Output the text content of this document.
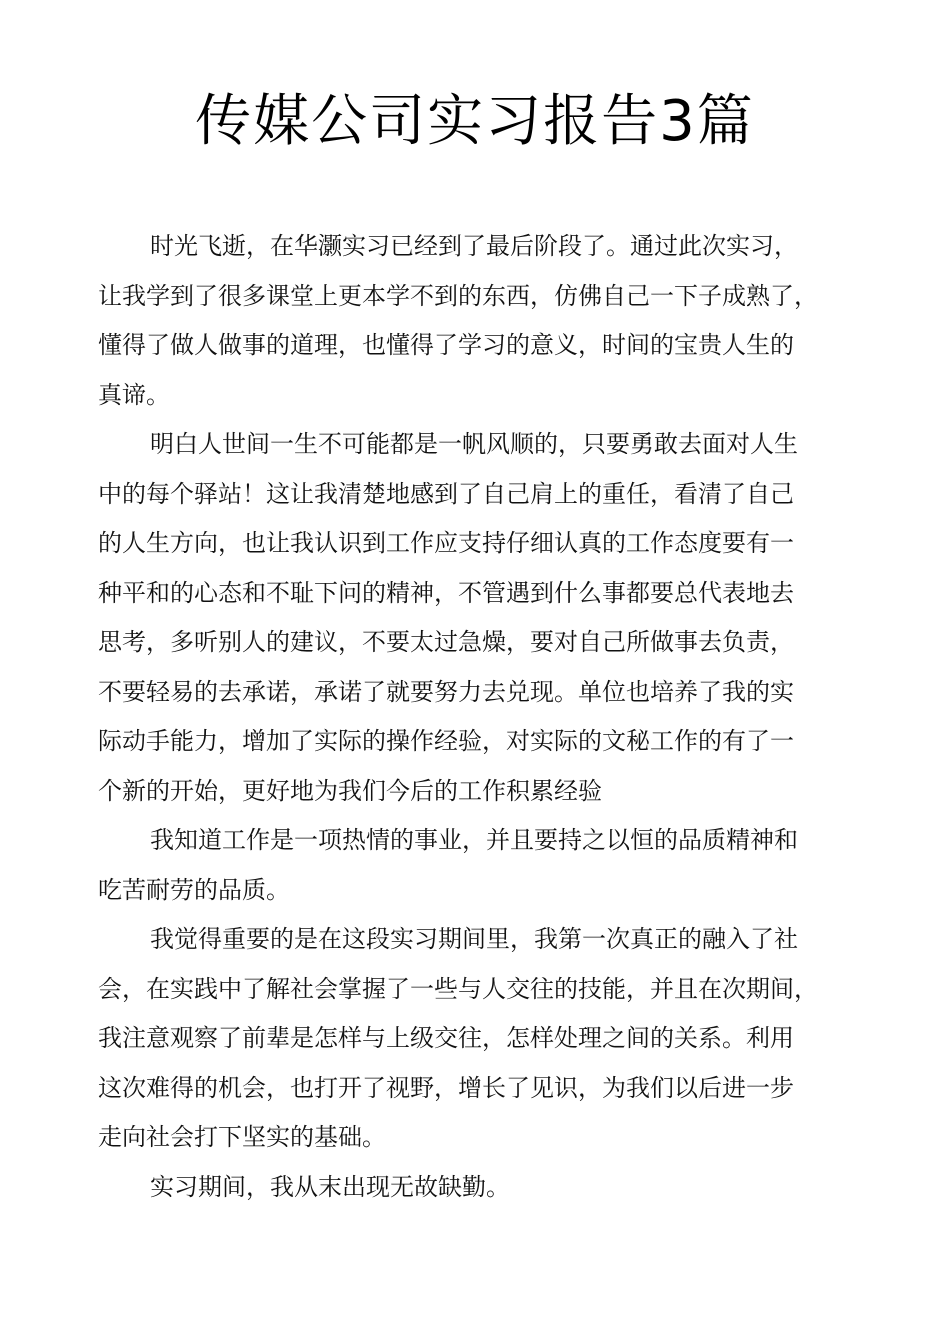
传媒公司实习报告3篇
时光飞逝，在华灏实习已经到了最后阶段了。通过此次实习，
让我学到了很多课堂上更本学不到的东西，仿佛自己一下子成熟了，
懂得了做人做事的道理，也懂得了学习的意义，时间的宝贵人生的
真谛。
明白人世间一生不可能都是一帆风顺的，只要勇敢去面对人生
中的每个驿站！这让我清楚地感到了自己肩上的重任，看清了自己
的人生方向，也让我认识到工作应支持仔细认真的工作态度要有一
种平和的心态和不耻下问的精神，不管遇到什么事都要总代表地去
思考，多听别人的建议，不要太过急燥，要对自己所做事去负责，
不要轻易的去承诺，承诺了就要努力去兑现。单位也培养了我的实
际动手能力，增加了实际的操作经验，对实际的文秘工作的有了一
个新的开始，更好地为我们今后的工作积累经验
我知道工作是一项热情的事业，并且要持之以恒的品质精神和
吃苦耐劳的品质。
我觉得重要的是在这段实习期间里，我第一次真正的融入了社
会，在实践中了解社会掌握了一些与人交往的技能，并且在次期间，
我注意观察了前辈是怎样与上级交往，怎样处理之间的关系。利用
这次难得的机会，也打开了视野，增长了见识，为我们以后进一步
走向社会打下坚实的基础。
实习期间，我从末出现无故缺勤。
